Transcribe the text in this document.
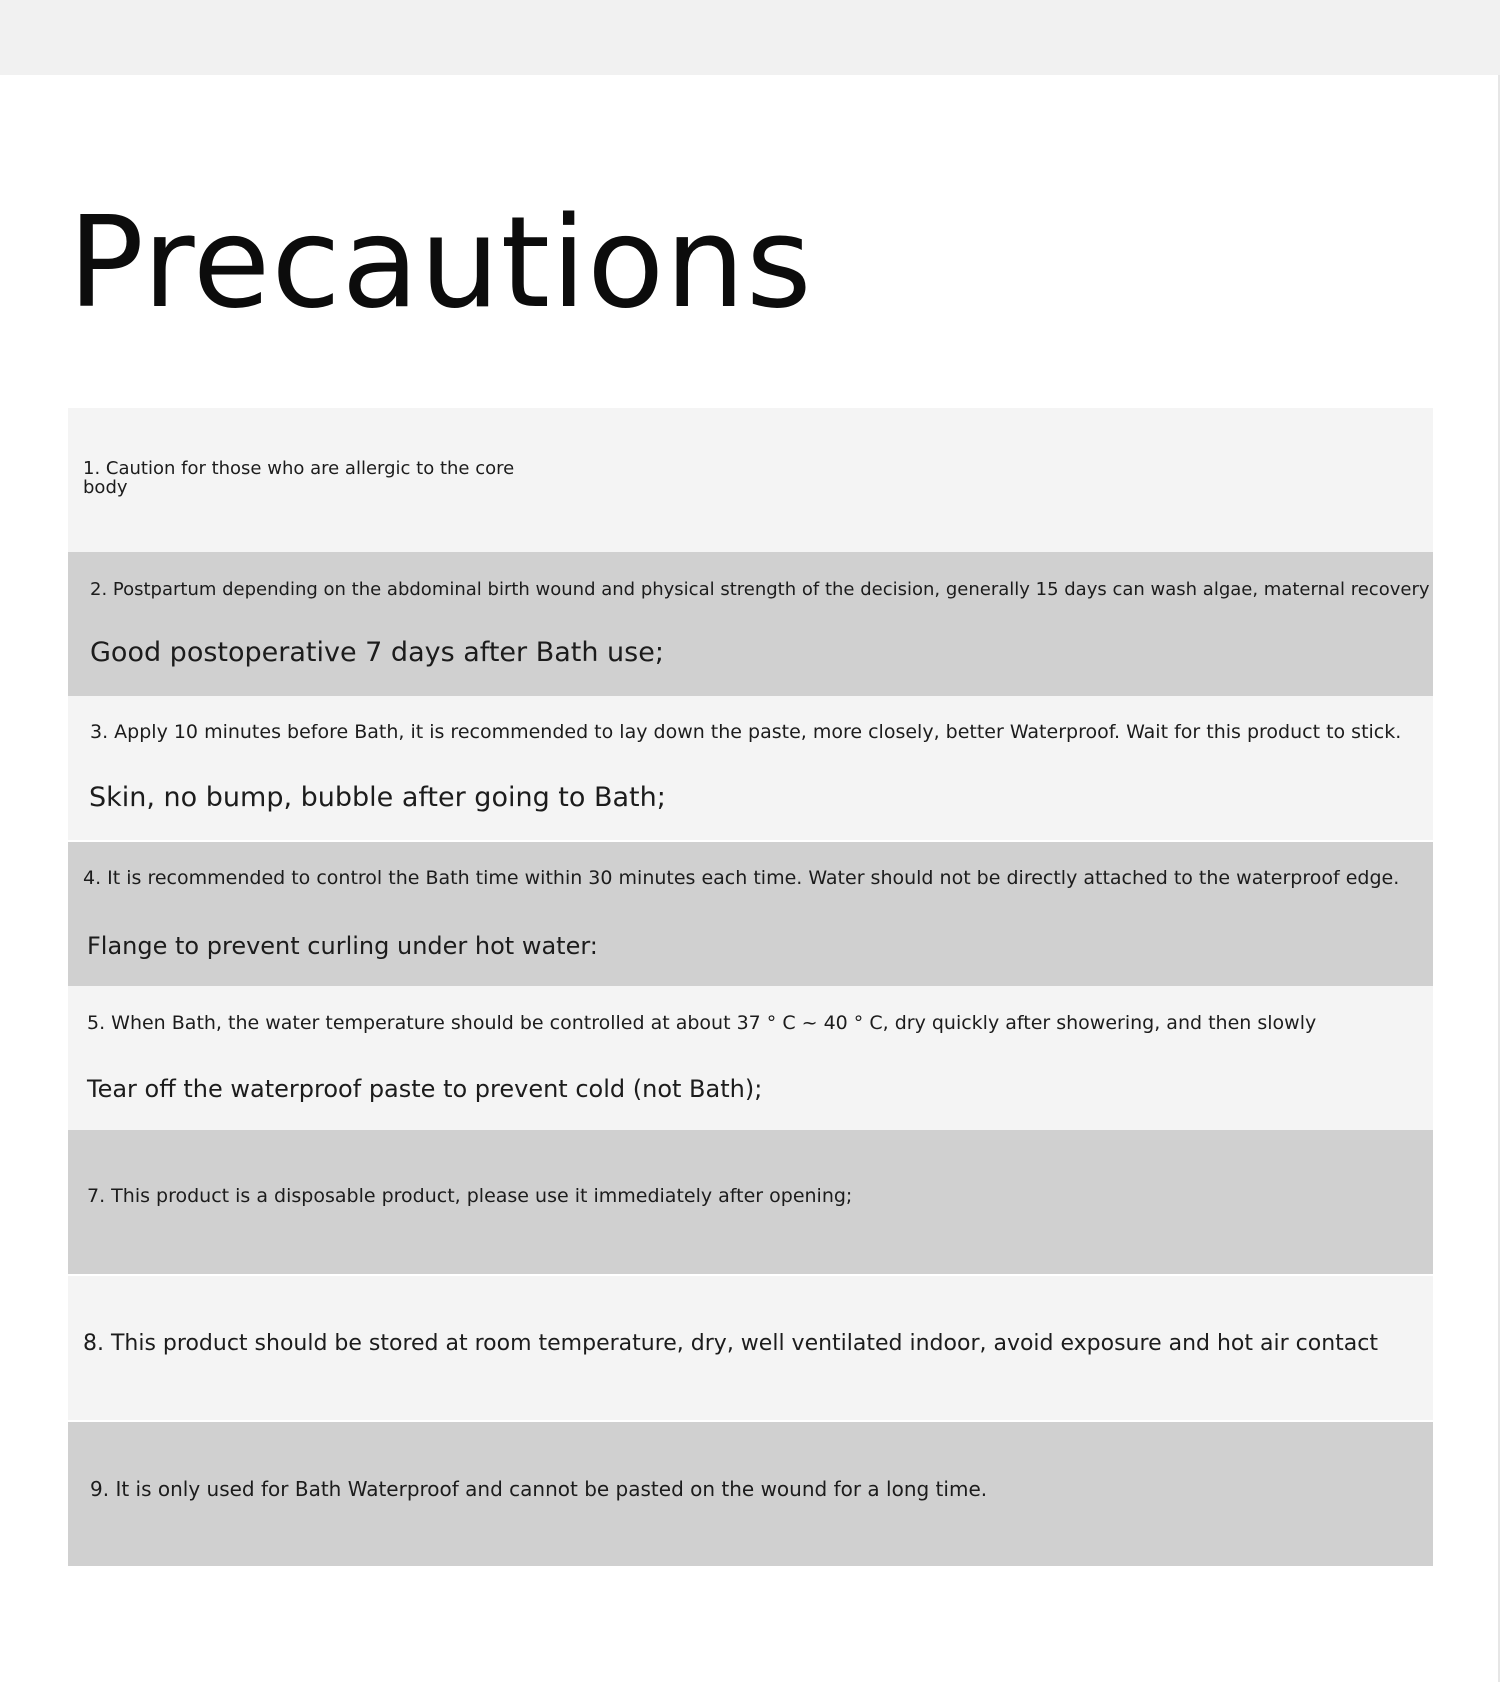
Precautions
1. Caution for those who are allergic to the core
body
2. Postpartum depending on the abdominal birth wound and physical strength of the decision, generally 15 days can wash algae, maternal recovery
Good postoperative 7 days after Bath use;
3. Apply 10 minutes before Bath, it is recommended to lay down the paste, more closely, better Waterproof. Wait for this product to stick.
Skin, no bump, bubble after going to Bath;
4. It is recommended to control the Bath time within 30 minutes each time. Water should not be directly attached to the waterproof edge.
Flange to prevent curling under hot water:
5. When Bath, the water temperature should be controlled at about 37 ° C ~ 40 ° C, dry quickly after showering, and then slowly
Tear off the waterproof paste to prevent cold (not Bath);
7. This product is a disposable product, please use it immediately after opening;
8. This product should be stored at room temperature, dry, well ventilated indoor, avoid exposure and hot air contact
9. It is only used for Bath Waterproof and cannot be pasted on the wound for a long time.
